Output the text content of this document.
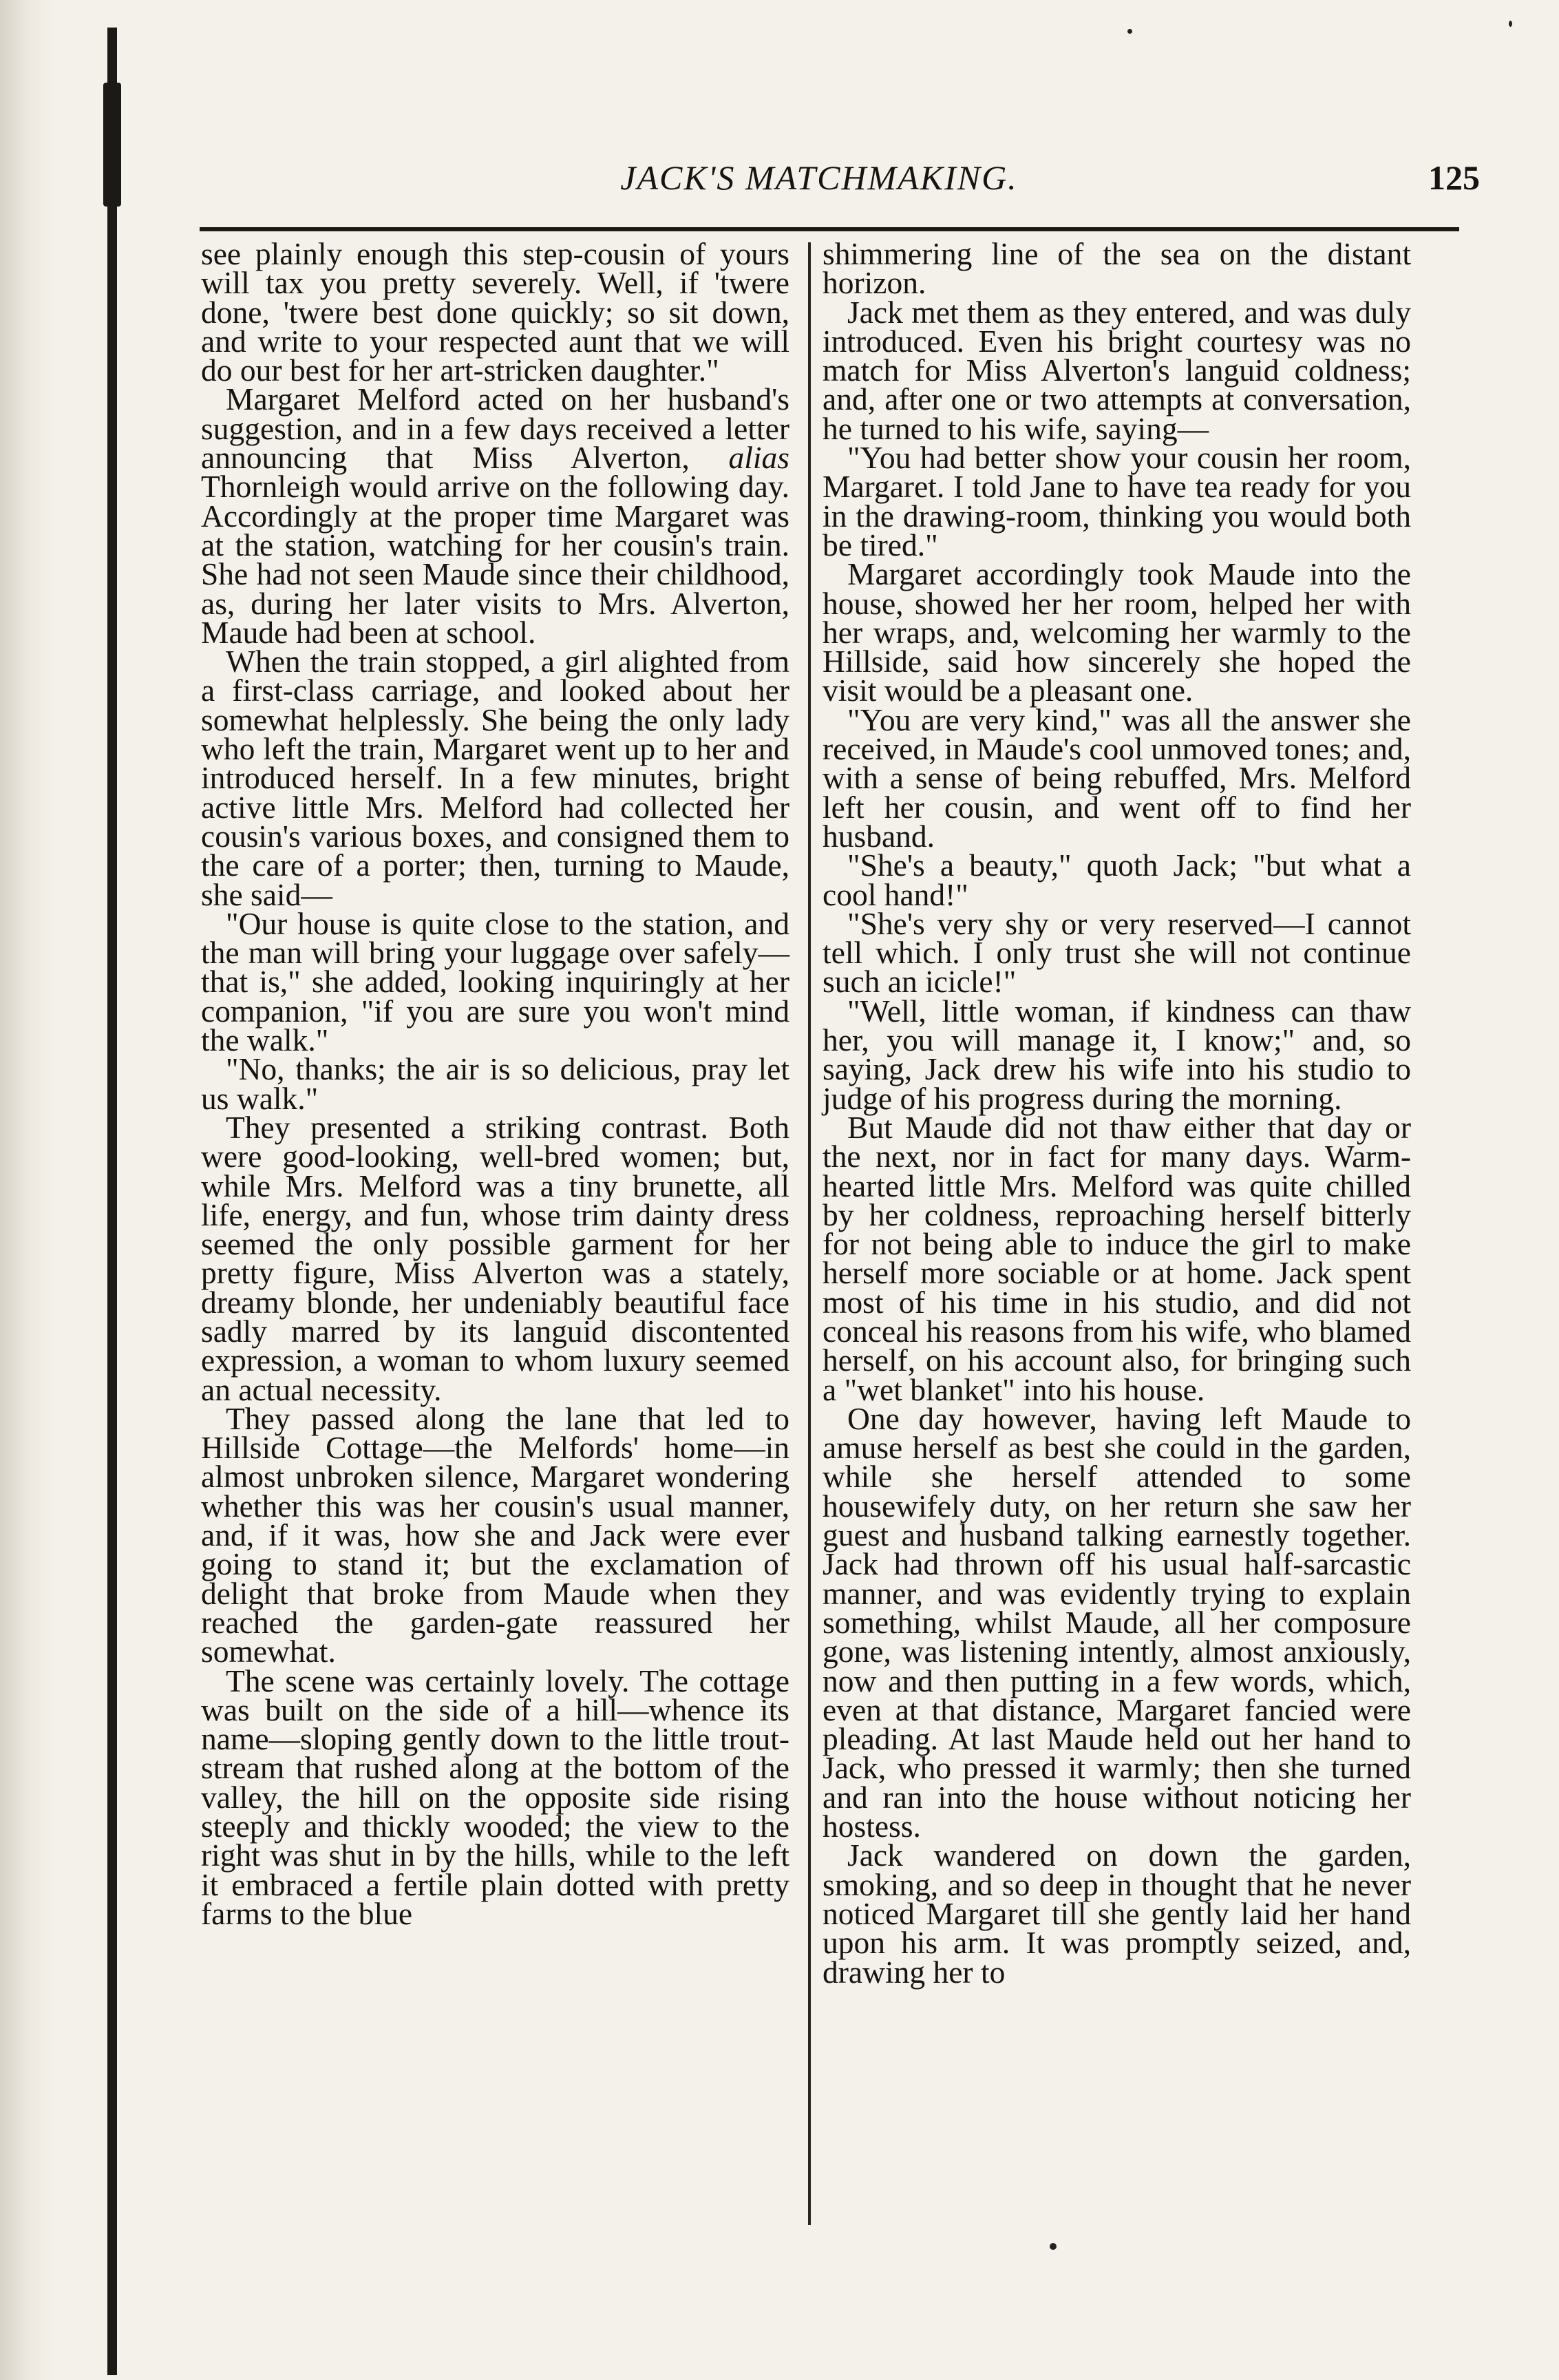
JACK'S MATCHMAKING.	125

see plainly enough this step-cousin of yours will tax you pretty severely. Well, if 'twere done, 'twere best done quickly; so sit down, and write to your respected aunt that we will do our best for her art-stricken daughter."

Margaret Melford acted on her husband's suggestion, and in a few days received a letter announcing that Miss Alverton, alias Thornleigh would arrive on the following day. Accordingly at the proper time Margaret was at the station, watching for her cousin's train. She had not seen Maude since their childhood, as, during her later visits to Mrs. Alverton, Maude had been at school.

When the train stopped, a girl alighted from a first-class carriage, and looked about her somewhat helplessly. She being the only lady who left the train, Margaret went up to her and introduced herself. In a few minutes, bright active little Mrs. Melford had collected her cousin's various boxes, and consigned them to the care of a porter; then, turning to Maude, she said—

"Our house is quite close to the station, and the man will bring your luggage over safely—that is," she added, looking inquiringly at her companion, "if you are sure you won't mind the walk."

"No, thanks; the air is so delicious, pray let us walk."

They presented a striking contrast. Both were good-looking, well-bred women; but, while Mrs. Melford was a tiny brunette, all life, energy, and fun, whose trim dainty dress seemed the only possible garment for her pretty figure, Miss Alverton was a stately, dreamy blonde, her undeniably beautiful face sadly marred by its languid discontented expression, a woman to whom luxury seemed an actual necessity.

They passed along the lane that led to Hillside Cottage—the Melfords' home—in almost unbroken silence, Margaret wondering whether this was her cousin's usual manner, and, if it was, how she and Jack were ever going to stand it; but the exclamation of delight that broke from Maude when they reached the garden-gate reassured her somewhat.

The scene was certainly lovely. The cottage was built on the side of a hill—whence its name—sloping gently down to the little trout-stream that rushed along at the bottom of the valley, the hill on the opposite side rising steeply and thickly wooded; the view to the right was shut in by the hills, while to the left it embraced a fertile plain dotted with pretty farms to the blue

shimmering line of the sea on the distant horizon.

Jack met them as they entered, and was duly introduced. Even his bright courtesy was no match for Miss Alverton's languid coldness; and, after one or two attempts at conversation, he turned to his wife, saying—

"You had better show your cousin her room, Margaret. I told Jane to have tea ready for you in the drawing-room, thinking you would both be tired."

Margaret accordingly took Maude into the house, showed her her room, helped her with her wraps, and, welcoming her warmly to the Hillside, said how sincerely she hoped the visit would be a pleasant one.

"You are very kind," was all the answer she received, in Maude's cool unmoved tones; and, with a sense of being rebuffed, Mrs. Melford left her cousin, and went off to find her husband.

"She's a beauty," quoth Jack; "but what a cool hand!"

"She's very shy or very reserved—I cannot tell which. I only trust she will not continue such an icicle!"

"Well, little woman, if kindness can thaw her, you will manage it, I know;" and, so saying, Jack drew his wife into his studio to judge of his progress during the morning.

But Maude did not thaw either that day or the next, nor in fact for many days. Warm-hearted little Mrs. Melford was quite chilled by her coldness, reproaching herself bitterly for not being able to induce the girl to make herself more sociable or at home. Jack spent most of his time in his studio, and did not conceal his reasons from his wife, who blamed herself, on his account also, for bringing such a "wet blanket" into his house.

One day however, having left Maude to amuse herself as best she could in the garden, while she herself attended to some housewifely duty, on her return she saw her guest and husband talking earnestly together. Jack had thrown off his usual half-sarcastic manner, and was evidently trying to explain something, whilst Maude, all her composure gone, was listening intently, almost anxiously, now and then putting in a few words, which, even at that distance, Margaret fancied were pleading. At last Maude held out her hand to Jack, who pressed it warmly; then she turned and ran into the house without noticing her hostess.

Jack wandered on down the garden, smoking, and so deep in thought that he never noticed Margaret till she gently laid her hand upon his arm. It was promptly seized, and, drawing her to
